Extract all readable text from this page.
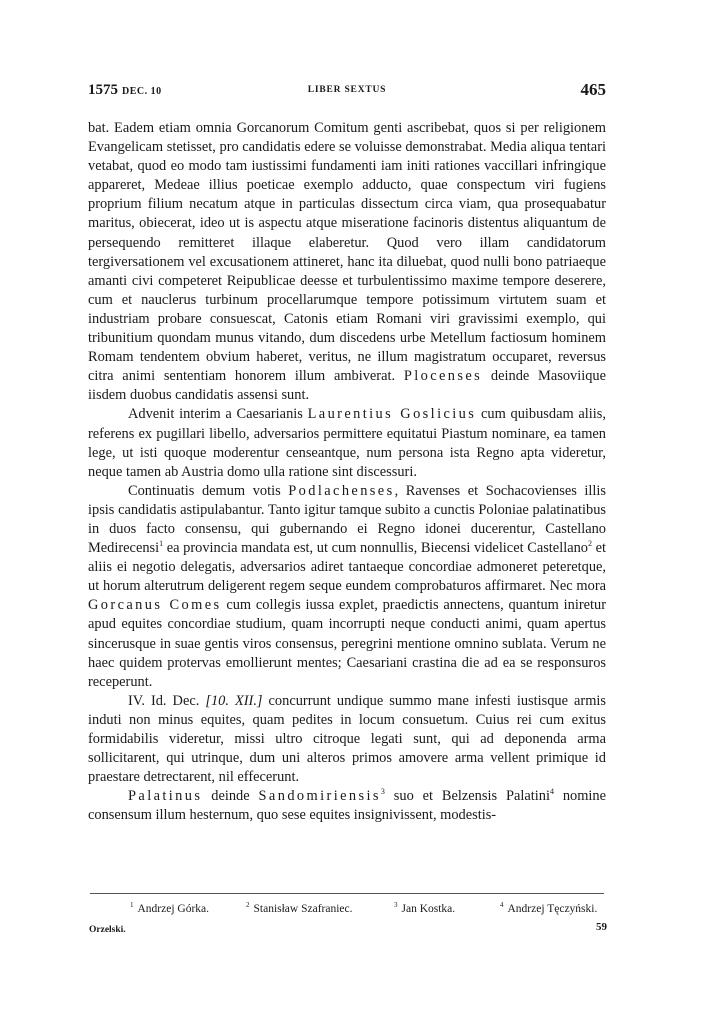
1575 DEC. 10	LIBER SEXTUS	465

bat. Eadem etiam omnia Gorcanorum Comitum genti ascribebat, quos si per religionem Evangelicam stetisset, pro candidatis edere se voluisse demonstrabat. Media aliqua tentari vetabat, quod eo modo tam iustissimi fundamenti iam initi rationes vaccillari infringique appareret, Medeae illius poeticae exemplo adducto, quae conspectum viri fugiens proprium filium necatum atque in particulas dissectum circa viam, qua prosequabatur maritus, obiecerat, ideo ut is aspectu atque miseratione facinoris distentus aliquantum de persequendo remitteret illaque elaberetur. Quod vero illam candidatorum tergiversationem vel excusationem attineret, hanc ita diluebat, quod nulli bono patriaeque amanti civi competeret Reipublicae deesse et turbulentissimo maxime tempore deserere, cum et nauclerus turbinum procellarumque tempore potissimum virtutem suam et industriam probare consuescat, Catonis etiam Romani viri gravissimi exemplo, qui tribunitium quondam munus vitando, dum discedens urbe Metellum factiosum hominem Romam tendentem obvium haberet, veritus, ne illum magistratum occuparet, reversus citra animi sententiam honorem illum ambiverat. Plocenses deinde Masoviique iisdem duobus candidatis assensi sunt.

Advenit interim a Caesarianis Laurentius Goslicius cum quibusdam aliis, referens ex pugillari libello, adversarios permittere equitatui Piastum nominare, ea tamen lege, ut isti quoque moderentur censeantque, num persona ista Regno apta videretur, neque tamen ab Austria domo ulla ratione sint discessuri.

Continuatis demum votis Podlachenses, Ravenses et Sochacovienses illis ipsis candidatis astipulabantur. Tanto igitur tamque subito a cunctis Poloniae palatinatibus in duos facto consensu, qui gubernando ei Regno idonei ducerentur, Castellano Medirecensi$^1$ ea provincia mandata est, ut cum nonnullis, Biecensi videlicet Castellano$^2$ et aliis ei negotio delegatis, adversarios adiret tantaeque concordiae admoneret peteretque, ut horum alterutrum deligerent regem seque eundem comprobaturos affirmaret. Nec mora Gorcanus Comes cum collegis iussa explet, praedictis annectens, quantum iniretur apud equites concordiae studium, quam incorrupti neque conducti animi, quam apertus sincerusque in suae gentis viros consensus, peregrini mentione omnino sublata. Verum ne haec quidem protervas emollierunt mentes; Caesariani crastina die ad ea se responsuros receperunt.

IV. Id. Dec. [10. XII.] concurrunt undique summo mane infesti iustisque armis induti non minus equites, quam pedites in locum consuetum. Cuius rei cum exitus formidabilis videretur, missi ultro citroque legati sunt, qui ad deponenda arma sollicitarent, qui utrinque, dum uni alteros primos amovere arma vellent primique id praestare detrectarent, nil effecerunt.

Palatinus deinde Sandomiriensis$^3$ suo et Belzensis Palatini$^4$ nomine consensum illum hesternum, quo sese equites insignivissent, modestis-

$^1$ Andrzej Górka.	$^2$ Stanisław Szafraniec.	$^3$ Jan Kostka.	$^4$ Andrzej Tęczyński.
Orzelski.	59
